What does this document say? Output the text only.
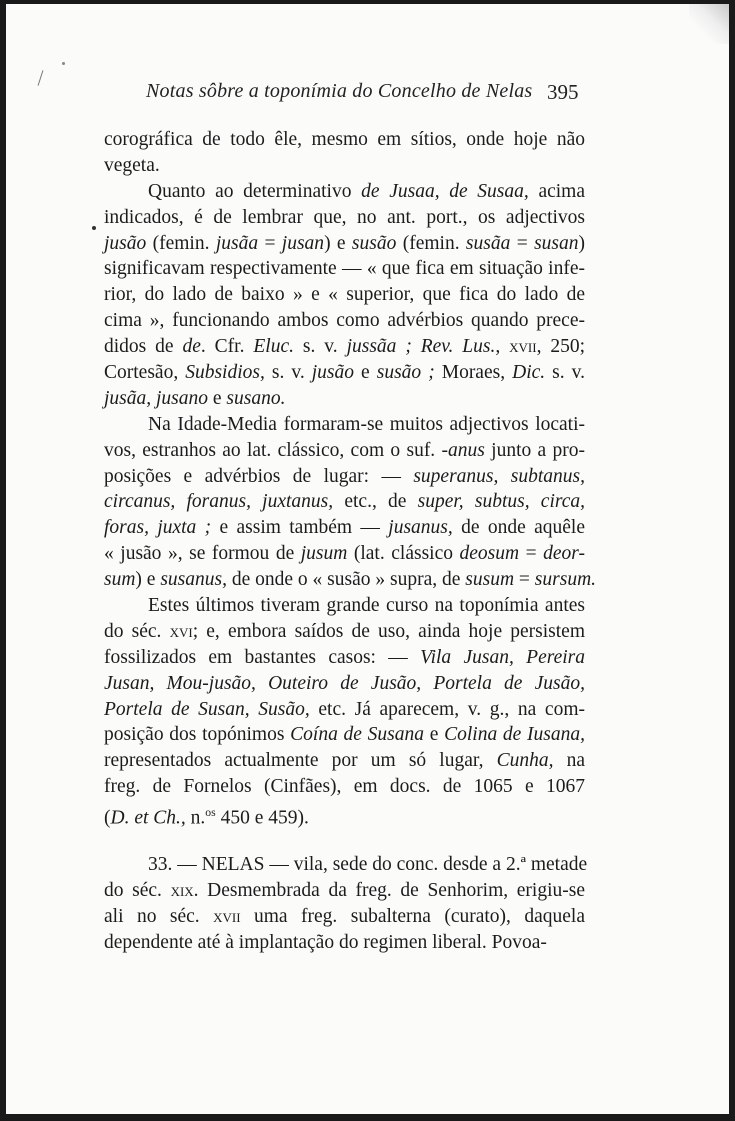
Notas sôbre a toponímia do Concelho de Nelas 395
corográfica de todo êle, mesmo em sítios, onde hoje não
vegeta.
Quanto ao determinativo de Jusaa, de Susaa, acima
indicados, é de lembrar que, no ant. port., os adjectivos
jusão (femin. jusãa = jusan) e susão (femin. susãa = susan)
significavam respectivamente — « que fica em situação infe-
rior, do lado de baixo » e « superior, que fica do lado de
cima », funcionando ambos como advérbios quando prece-
didos de de. Cfr. Eluc. s. v. jussãa ; Rev. Lus., xvii, 250;
Cortesão, Subsidios, s. v. jusão e susão ; Moraes, Dic. s. v.
jusãa, jusano e susano.
Na Idade-Media formaram-se muitos adjectivos locati-
vos, estranhos ao lat. clássico, com o suf. -anus junto a pro-
posições e advérbios de lugar: — superanus, subtanus,
circanus, foranus, juxtanus, etc., de super, subtus, circa,
foras, juxta ; e assim também — jusanus, de onde aquêle
« jusão », se formou de jusum (lat. clássico deosum = deor-
sum) e susanus, de onde o « susão » supra, de susum = sursum.
Estes últimos tiveram grande curso na toponímia antes
do séc. xvi; e, embora saídos de uso, ainda hoje persistem
fossilizados em bastantes casos: — Vila Jusan, Pereira
Jusan, Mou-jusão, Outeiro de Jusão, Portela de Jusão,
Portela de Susan, Susão, etc. Já aparecem, v. g., na com-
posição dos topónimos Coína de Susana e Colina de Iusana,
representados actualmente por um só lugar, Cunha, na
freg. de Fornelos (Cinfães), em docs. de 1065 e 1067
(D. et Ch., n.$^{os}$ 450 e 459).
33. — NELAS — vila, sede do conc. desde a 2.ª metade
do séc. xix. Desmembrada da freg. de Senhorim, erigiu-se
ali no séc. xvii uma freg. subalterna (curato), daquela
dependente até à implantação do regimen liberal. Povoa-
